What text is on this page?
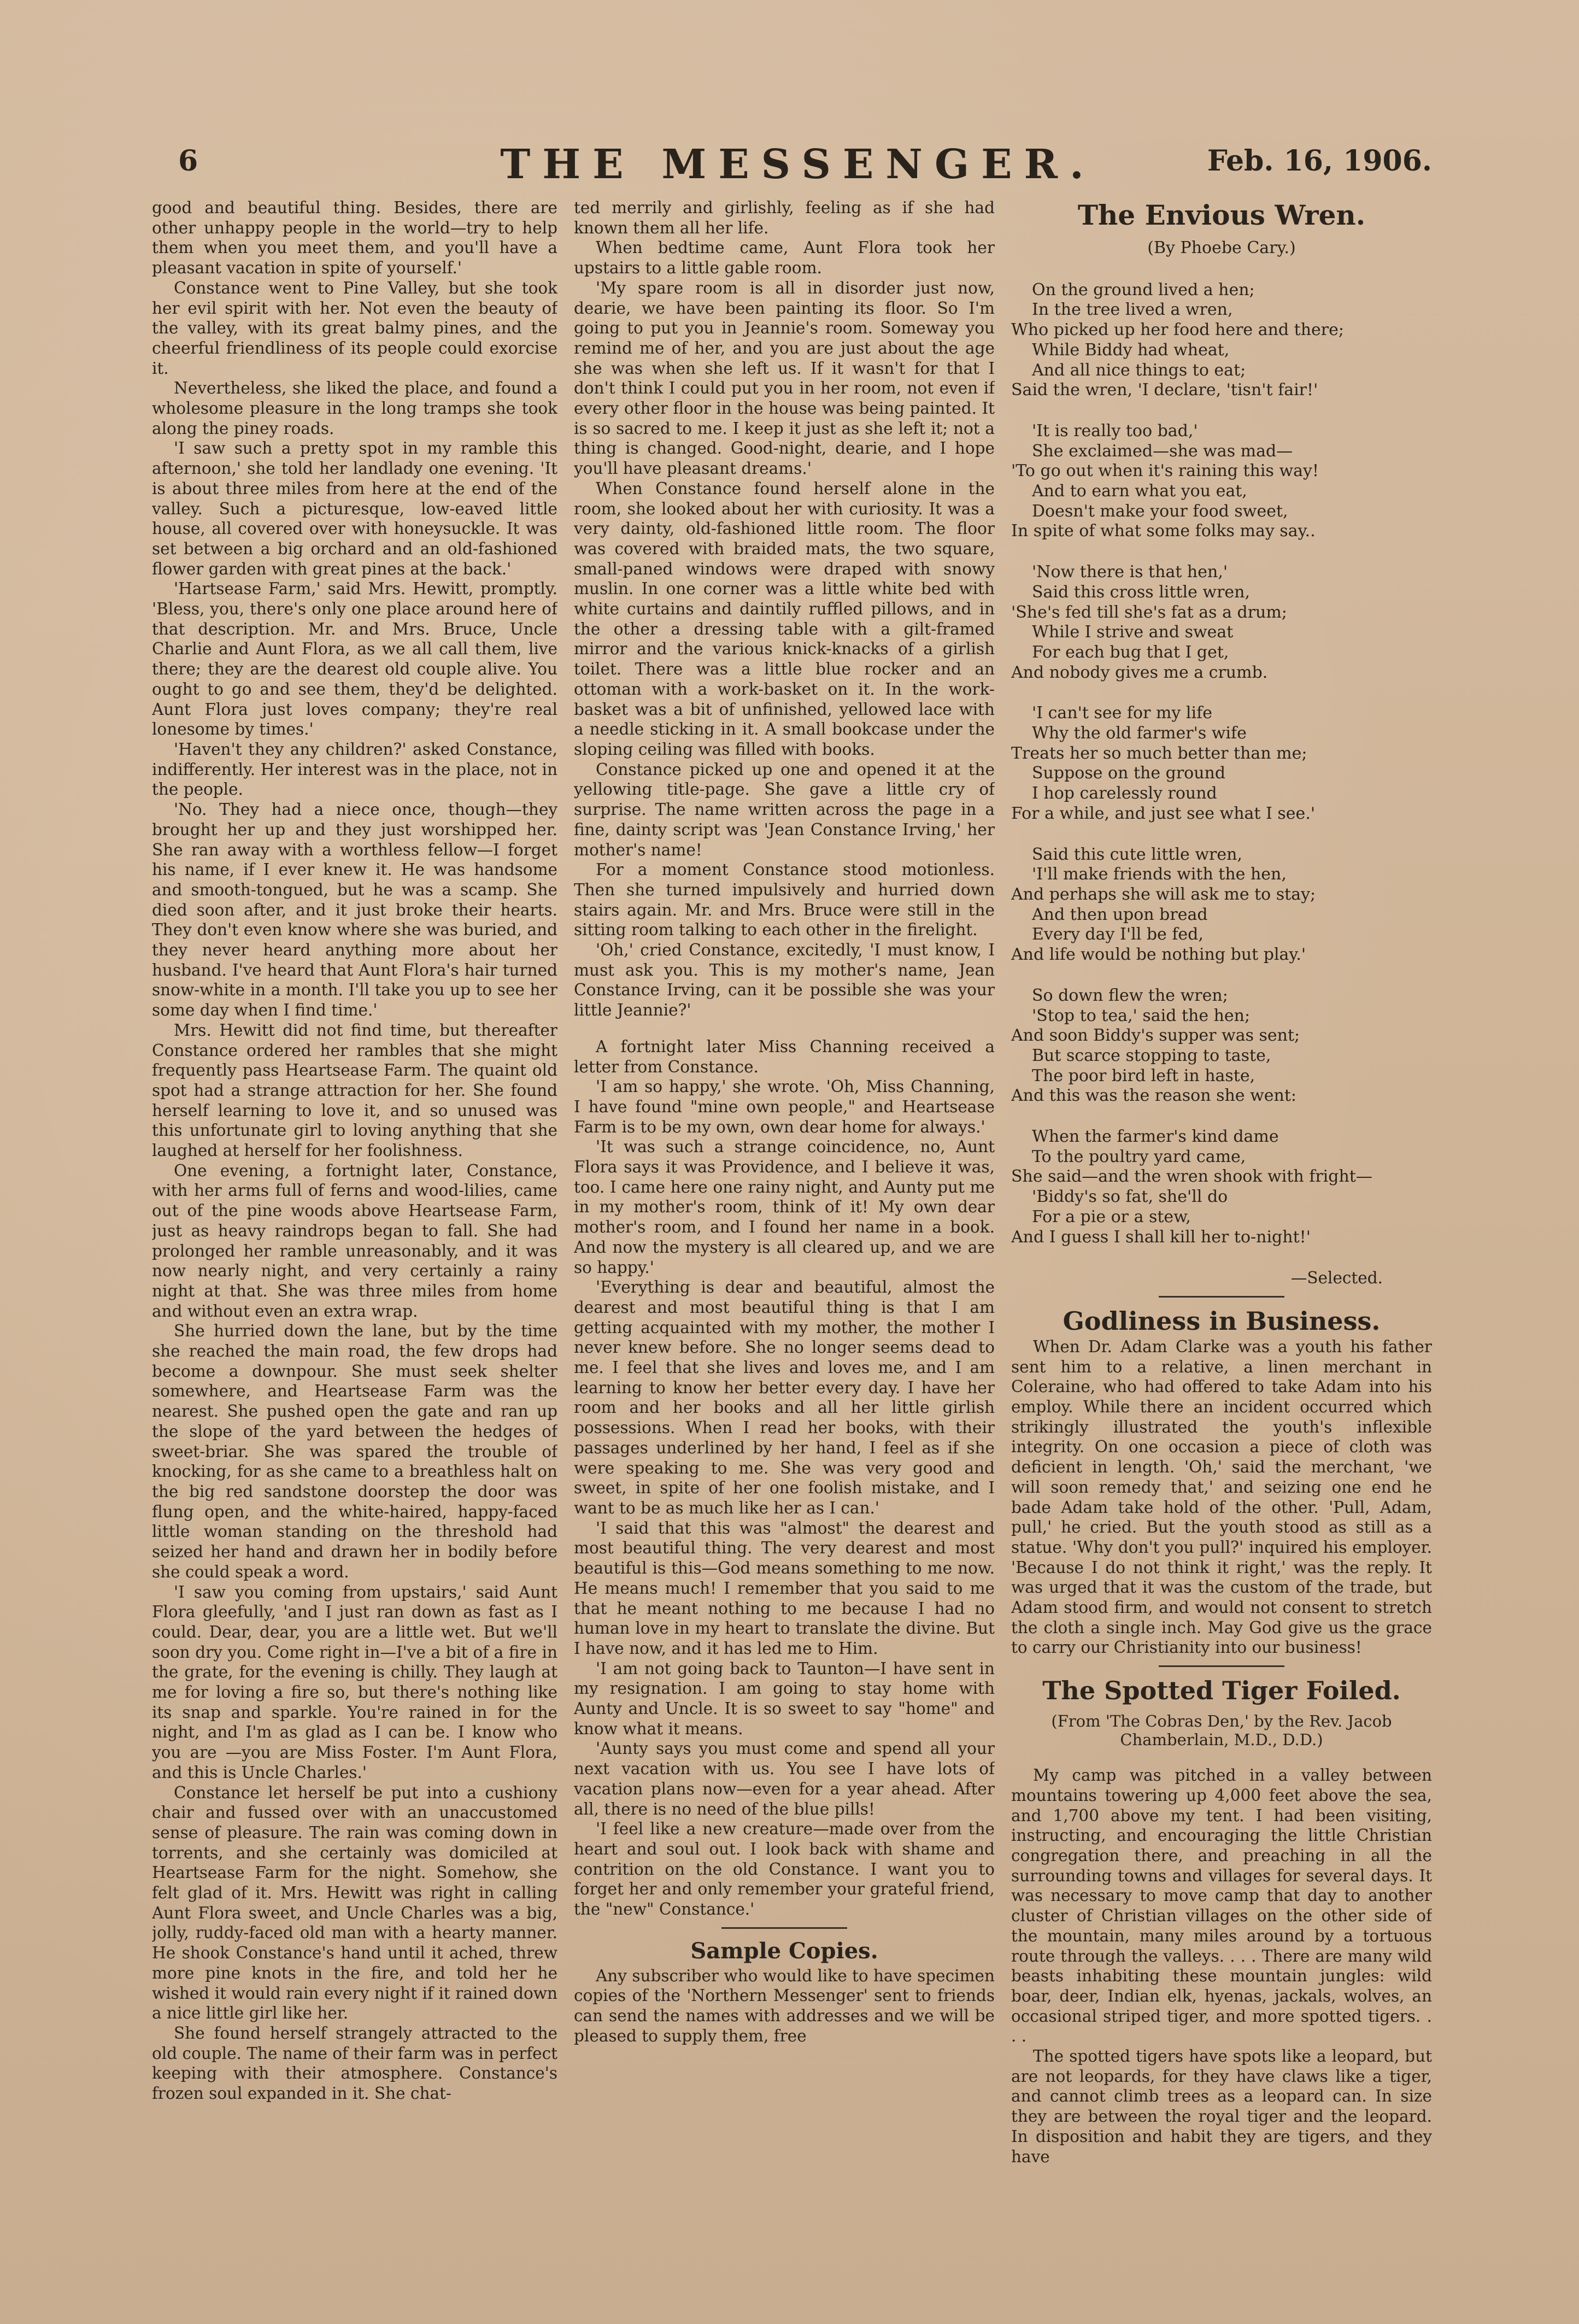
6	THE MESSENGER.	Feb. 16, 1906.

good and beautiful thing. Besides, there are other unhappy people in the world—try to help them when you meet them, and you'll have a pleasant vacation in spite of yourself.'

Constance went to Pine Valley, but she took her evil spirit with her. Not even the beauty of the valley, with its great balmy pines, and the cheerful friendliness of its people could exorcise it.

Nevertheless, she liked the place, and found a wholesome pleasure in the long tramps she took along the piney roads.

'I saw such a pretty spot in my ramble this afternoon,' she told her landlady one evening. 'It is about three miles from here at the end of the valley. Such a picturesque, low-eaved little house, all covered over with honeysuckle. It was set between a big orchard and an old-fashioned flower garden with great pines at the back.'

'Hartsease Farm,' said Mrs. Hewitt, promptly. 'Bless, you, there's only one place around here of that description. Mr. and Mrs. Bruce, Uncle Charlie and Aunt Flora, as we all call them, live there; they are the dearest old couple alive. You ought to go and see them, they'd be delighted. Aunt Flora just loves company; they're real lonesome by times.'

'Haven't they any children?' asked Constance, indifferently. Her interest was in the place, not in the people.

'No. They had a niece once, though—they brought her up and they just worshipped her. She ran away with a worthless fellow—I forget his name, if I ever knew it. He was handsome and smooth-tongued, but he was a scamp. She died soon after, and it just broke their hearts. They don't even know where she was buried, and they never heard anything more about her husband. I've heard that Aunt Flora's hair turned snow-white in a month. I'll take you up to see her some day when I find time.'

Mrs. Hewitt did not find time, but thereafter Constance ordered her rambles that she might frequently pass Heartsease Farm. The quaint old spot had a strange attraction for her. She found herself learning to love it, and so unused was this unfortunate girl to loving anything that she laughed at herself for her foolishness.

One evening, a fortnight later, Constance, with her arms full of ferns and wood-lilies, came out of the pine woods above Heartsease Farm, just as heavy raindrops began to fall. She had prolonged her ramble unreasonably, and it was now nearly night, and very certainly a rainy night at that. She was three miles from home and without even an extra wrap.

She hurried down the lane, but by the time she reached the main road, the few drops had become a downpour. She must seek shelter somewhere, and Heartsease Farm was the nearest. She pushed open the gate and ran up the slope of the yard between the hedges of sweet-briar. She was spared the trouble of knocking, for as she came to a breathless halt on the big red sandstone doorstep the door was flung open, and the white-haired, happy-faced little woman standing on the threshold had seized her hand and drawn her in bodily before she could speak a word.

'I saw you coming from upstairs,' said Aunt Flora gleefully, 'and I just ran down as fast as I could. Dear, dear, you are a little wet. But we'll soon dry you. Come right in—I've a bit of a fire in the grate, for the evening is chilly. They laugh at me for loving a fire so, but there's nothing like its snap and sparkle. You're rained in for the night, and I'm as glad as I can be. I know who you are —you are Miss Foster. I'm Aunt Flora, and this is Uncle Charles.'

Constance let herself be put into a cushiony chair and fussed over with an unaccustomed sense of pleasure. The rain was coming down in torrents, and she certainly was domiciled at Heartsease Farm for the night. Somehow, she felt glad of it. Mrs. Hewitt was right in calling Aunt Flora sweet, and Uncle Charles was a big, jolly, ruddy-faced old man with a hearty manner. He shook Constance's hand until it ached, threw more pine knots in the fire, and told her he wished it would rain every night if it rained down a nice little girl like her.

She found herself strangely attracted to the old couple. The name of their farm was in perfect keeping with their atmosphere. Constance's frozen soul expanded in it. She chat-

ted merrily and girlishly, feeling as if she had known them all her life.

When bedtime came, Aunt Flora took her upstairs to a little gable room.

'My spare room is all in disorder just now, dearie, we have been painting its floor. So I'm going to put you in Jeannie's room. Someway you remind me of her, and you are just about the age she was when she left us. If it wasn't for that I don't think I could put you in her room, not even if every other floor in the house was being painted. It is so sacred to me. I keep it just as she left it; not a thing is changed. Good-night, dearie, and I hope you'll have pleasant dreams.'

When Constance found herself alone in the room, she looked about her with curiosity. It was a very dainty, old-fashioned little room. The floor was covered with braided mats, the two square, small-paned windows were draped with snowy muslin. In one corner was a little white bed with white curtains and daintily ruffled pillows, and in the other a dressing table with a gilt-framed mirror and the various knick-knacks of a girlish toilet. There was a little blue rocker and an ottoman with a work-basket on it. In the work-basket was a bit of unfinished, yellowed lace with a needle sticking in it. A small bookcase under the sloping ceiling was filled with books.

Constance picked up one and opened it at the yellowing title-page. She gave a little cry of surprise. The name written across the page in a fine, dainty script was 'Jean Constance Irving,' her mother's name!

For a moment Constance stood motionless. Then she turned impulsively and hurried down stairs again. Mr. and Mrs. Bruce were still in the sitting room talking to each other in the firelight.

'Oh,' cried Constance, excitedly, 'I must know, I must ask you. This is my mother's name, Jean Constance Irving, can it be possible she was your little Jeannie?'

A fortnight later Miss Channing received a letter from Constance.

'I am so happy,' she wrote. 'Oh, Miss Channing, I have found "mine own people," and Heartsease Farm is to be my own, own dear home for always.'

'It was such a strange coincidence, no, Aunt Flora says it was Providence, and I believe it was, too. I came here one rainy night, and Aunty put me in my mother's room, think of it! My own dear mother's room, and I found her name in a book. And now the mystery is all cleared up, and we are so happy.'

'Everything is dear and beautiful, almost the dearest and most beautiful thing is that I am getting acquainted with my mother, the mother I never knew before. She no longer seems dead to me. I feel that she lives and loves me, and I am learning to know her better every day. I have her room and her books and all her little girlish possessions. When I read her books, with their passages underlined by her hand, I feel as if she were speaking to me. She was very good and sweet, in spite of her one foolish mistake, and I want to be as much like her as I can.'

'I said that this was "almost" the dearest and most beautiful thing. The very dearest and most beautiful is this—God means something to me now. He means much! I remember that you said to me that he meant nothing to me because I had no human love in my heart to translate the divine. But I have now, and it has led me to Him.

'I am not going back to Taunton—I have sent in my resignation. I am going to stay home with Aunty and Uncle. It is so sweet to say "home" and know what it means.

'Aunty says you must come and spend all your next vacation with us. You see I have lots of vacation plans now—even for a year ahead. After all, there is no need of the blue pills!

'I feel like a new creature—made over from the heart and soul out. I look back with shame and contrition on the old Constance. I want you to forget her and only remember your grateful friend, the "new" Constance.'

Sample Copies.

Any subscriber who would like to have specimen copies of the 'Northern Messenger' sent to friends can send the names with addresses and we will be pleased to supply them, free

The Envious Wren.
(By Phoebe Cary.)
On the ground lived a hen;
In the tree lived a wren,
Who picked up her food here and there;
While Biddy had wheat,
And all nice things to eat;
Said the wren, 'I declare, 'tisn't fair!'
'It is really too bad,'
She exclaimed—she was mad—
'To go out when it's raining this way!
And to earn what you eat,
Doesn't make your food sweet,
In spite of what some folks may say..
'Now there is that hen,'
Said this cross little wren,
'She's fed till she's fat as a drum;
While I strive and sweat
For each bug that I get,
And nobody gives me a crumb.
'I can't see for my life
Why the old farmer's wife
Treats her so much better than me;
Suppose on the ground
I hop carelessly round
For a while, and just see what I see.'
Said this cute little wren,
'I'll make friends with the hen,
And perhaps she will ask me to stay;
And then upon bread
Every day I'll be fed,
And life would be nothing but play.'
So down flew the wren;
'Stop to tea,' said the hen;
And soon Biddy's supper was sent;
But scarce stopping to taste,
The poor bird left in haste,
And this was the reason she went:
When the farmer's kind dame
To the poultry yard came,
She said—and the wren shook with fright—
'Biddy's so fat, she'll do
For a pie or a stew,
And I guess I shall kill her to-night!'
—Selected.
Godliness in Business.

When Dr. Adam Clarke was a youth his father sent him to a relative, a linen merchant in Coleraine, who had offered to take Adam into his employ. While there an incident occurred which strikingly illustrated the youth's inflexible integrity. On one occasion a piece of cloth was deficient in length. 'Oh,' said the merchant, 'we will soon remedy that,' and seizing one end he bade Adam take hold of the other. 'Pull, Adam, pull,' he cried. But the youth stood as still as a statue. 'Why don't you pull?' inquired his employer. 'Because I do not think it right,' was the reply. It was urged that it was the custom of the trade, but Adam stood firm, and would not consent to stretch the cloth a single inch. May God give us the grace to carry our Christianity into our business!

The Spotted Tiger Foiled.
(From 'The Cobras Den,' by the Rev. Jacob Chamberlain, M.D., D.D.)

My camp was pitched in a valley between mountains towering up 4,000 feet above the sea, and 1,700 above my tent. I had been visiting, instructing, and encouraging the little Christian congregation there, and preaching in all the surrounding towns and villages for several days. It was necessary to move camp that day to another cluster of Christian villages on the other side of the mountain, many miles around by a tortuous route through the valleys. . . . There are many wild beasts inhabiting these mountain jungles: wild boar, deer, Indian elk, hyenas, jackals, wolves, an occasional striped tiger, and more spotted tigers. . . .

The spotted tigers have spots like a leopard, but are not leopards, for they have claws like a tiger, and cannot climb trees as a leopard can. In size they are between the royal tiger and the leopard. In disposition and habit they are tigers, and they have
